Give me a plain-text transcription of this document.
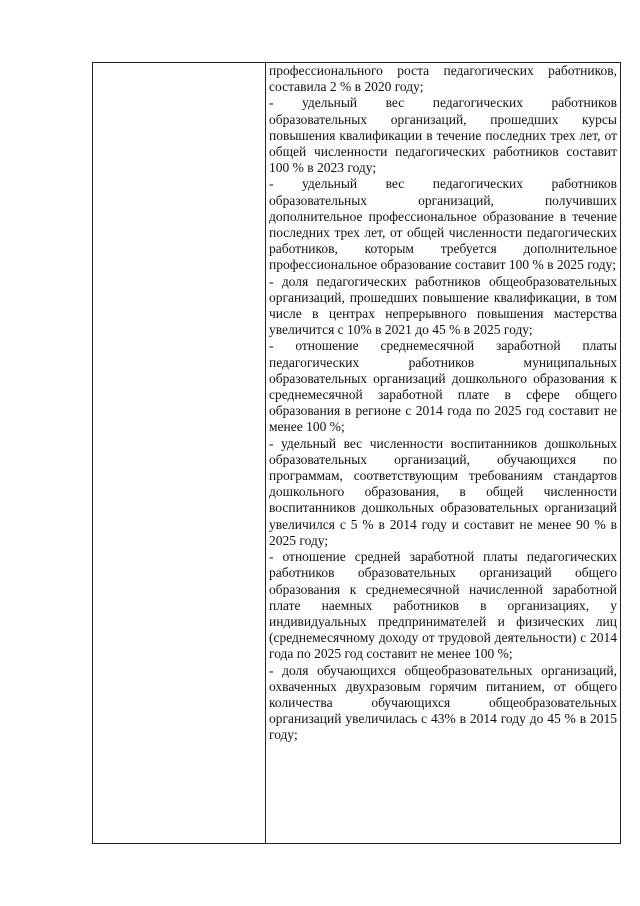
профессионального роста педагогических работников, составила 2 % в 2020 году;

- удельный вес педагогических работников образовательных организаций, прошедших курсы повышения квалификации в течение последних трех лет, от общей численности педагогических работников составит 100 % в 2023 году;

- удельный вес педагогических работников образовательных организаций, получивших дополнительное профессиональное образование в течение последних трех лет, от общей численности педагогических работников, которым требуется дополнительное профессиональное образование составит 100 % в 2025 году;

- доля педагогических работников общеобразовательных организаций, прошедших повышение квалификации, в том числе в центрах непрерывного повышения мастерства увеличится с 10% в 2021 до 45 % в 2025 году;

- отношение среднемесячной заработной платы педагогических работников муниципальных образовательных организаций дошкольного образования к среднемесячной заработной плате в сфере общего образования в регионе с 2014 года по 2025 год составит не менее 100 %;

- удельный вес численности воспитанников дошкольных образовательных организаций, обучающихся по программам, соответствующим требованиям стандартов дошкольного образования, в общей численности воспитанников дошкольных образовательных организаций увеличился с 5 % в 2014 году и составит не менее 90 % в 2025 году;

- отношение средней заработной платы педагогических работников образовательных организаций общего образования к среднемесячной начисленной заработной плате наемных работников в организациях, у индивидуальных предпринимателей и физических лиц (среднемесячному доходу от трудовой деятельности) с 2014 года по 2025 год составит не менее 100 %;

- доля обучающихся общеобразовательных организаций, охваченных двухразовым горячим питанием, от общего количества обучающихся общеобразовательных организаций увеличилась с 43% в 2014 году до 45 % в 2015 году;
